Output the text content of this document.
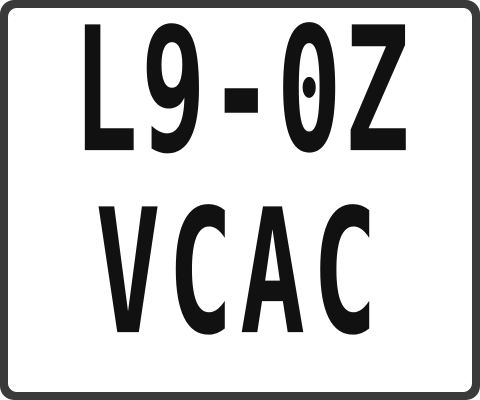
L9-0Z
VCAC
